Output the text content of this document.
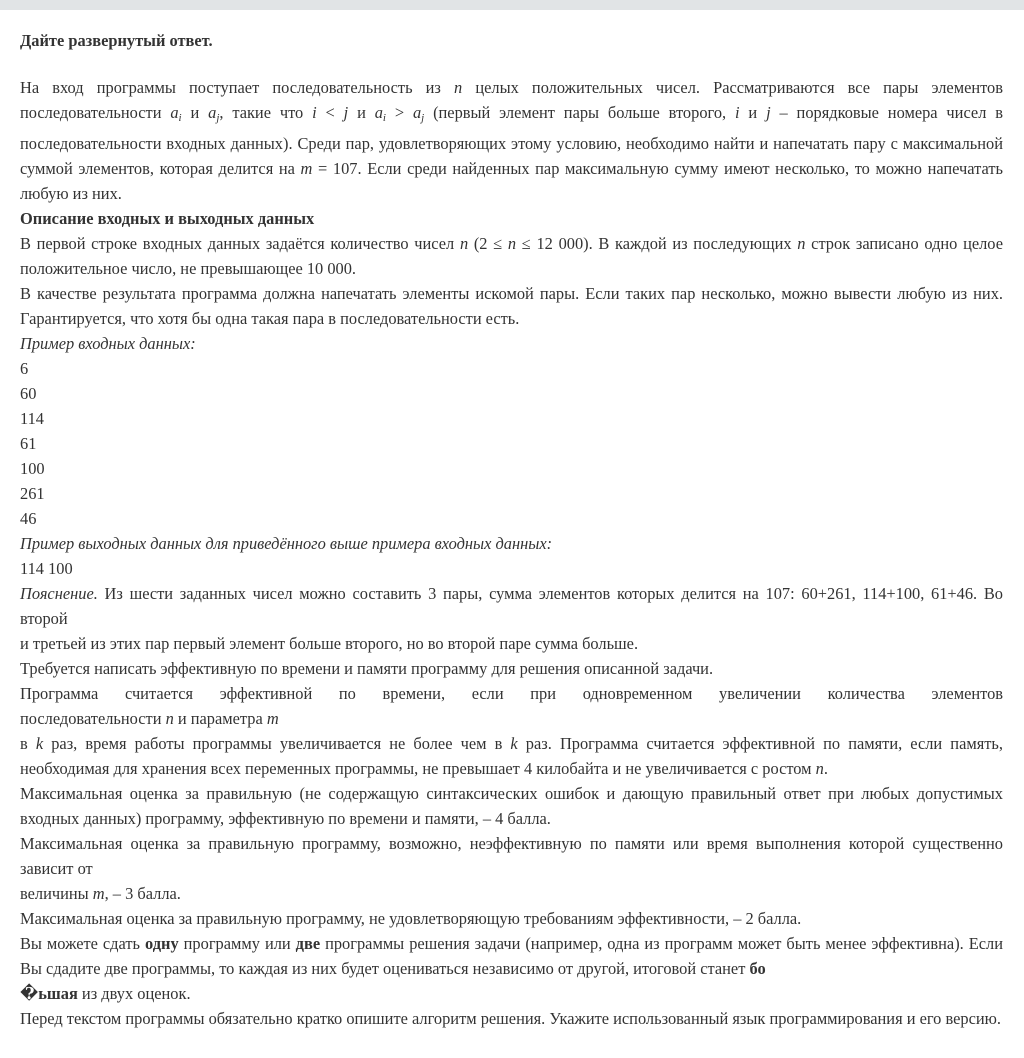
Дайте развернутый ответ.

На вход программы поступает последовательность из n целых положительных чисел. Рассматриваются все пары элементов последовательности ai и aj, такие что i < j и ai > aj (первый элемент пары больше второго, i и j – порядковые номера чисел в последовательности входных данных). Среди пар, удовлетворяющих этому условию, необходимо найти и напечатать пару с максимальной суммой элементов, которая делится на m = 107. Если среди найденных пар максимальную сумму имеют несколько, то можно напечатать любую из них.

Описание входных и выходных данных

В первой строке входных данных задаётся количество чисел n (2 ≤ n ≤ 12 000). В каждой из последующих n строк записано одно целое положительное число, не превышающее 10 000.

В качестве результата программа должна напечатать элементы искомой пары. Если таких пар несколько, можно вывести любую из них. Гарантируется, что хотя бы одна такая пара в последовательности есть.

Пример входных данных:

6

60

114

61

100

261

46

Пример выходных данных для приведённого выше примера входных данных:

114 100

Пояснение. Из шести заданных чисел можно составить 3 пары, сумма элементов которых делится на 107: 60+261, 114+100, 61+46. Во второй

и третьей из этих пар первый элемент больше второго, но во второй паре сумма больше.

Требуется написать эффективную по времени и памяти программу для решения описанной задачи.

Программа считается эффективной по времени, если при одновременном увеличении количества элементов

последовательности n и параметра m

в k раз, время работы программы увеличивается не более чем в k раз. Программа считается эффективной по памяти, если память, необходимая для хранения всех переменных программы, не превышает 4 килобайта и не увеличивается с ростом n.

Максимальная оценка за правильную (не содержащую синтаксических ошибок и дающую правильный ответ при любых допустимых входных данных) программу, эффективную по времени и памяти, – 4 балла.

Максимальная оценка за правильную программу, возможно, неэффективную по памяти или время выполнения которой существенно зависит от

величины m, – 3 балла.

Максимальная оценка за правильную программу, не удовлетворяющую требованиям эффективности, – 2 балла.

Вы можете сдать одну программу или две программы решения задачи (например, одна из программ может быть менее эффективна). Если Вы сдадите две программы, то каждая из них будет оцениваться независимо от другой, итоговой станет бо
�ьшая из двух оценок.

Перед текстом программы обязательно кратко опишите алгоритм решения. Укажите использованный язык программирования и его версию.
